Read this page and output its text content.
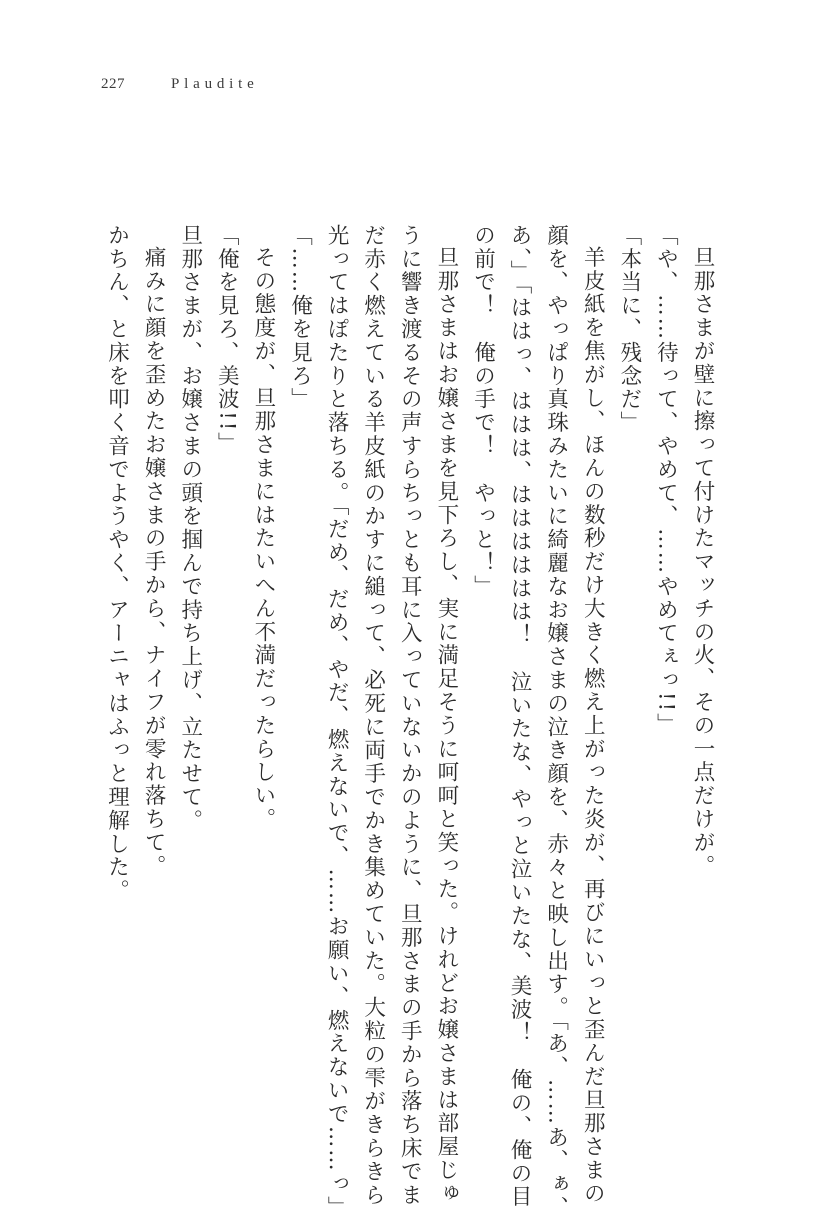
227	Plaudite
旦那さまが壁に擦って付けたマッチの火、その一点だけが。
「や、……待って、やめて、……やめてぇっ!!」
「本当に、残念だ」
羊皮紙を焦がし、ほんの数秒だけ大きく燃え上がった炎が、再びにいっと歪んだ旦那さまの
顔を、やっぱり真珠みたいに綺麗なお嬢さまの泣き顔を、赤々と映し出す。「あ、……あ、ぁ、
あ、」「ははっ、ははは、はははははは！　泣いたな、やっと泣いたな、美波！　俺の、俺の目
の前で！　俺の手で！　やっと！」
旦那さまはお嬢さまを見下ろし、実に満足そうに呵呵と笑った。けれどお嬢さまは部屋じゅ
うに響き渡るその声すらちっとも耳に入っていないかのように、旦那さまの手から落ち床でま
だ赤く燃えている羊皮紙のかすに縋って、必死に両手でかき集めていた。大粒の雫がきらきら
光ってはぽたりと落ちる。「だめ、だめ、やだ、燃えないで、……お願い、燃えないで……っ」
「……俺を見ろ」
その態度が、旦那さまにはたいへん不満だったらしい。
「俺を見ろ、美波!!」
旦那さまが、お嬢さまの頭を掴んで持ち上げ、立たせて。
痛みに顔を歪めたお嬢さまの手から、ナイフが零れ落ちて。
かちん、と床を叩く音でようやく、アーニャはふっと理解した。
